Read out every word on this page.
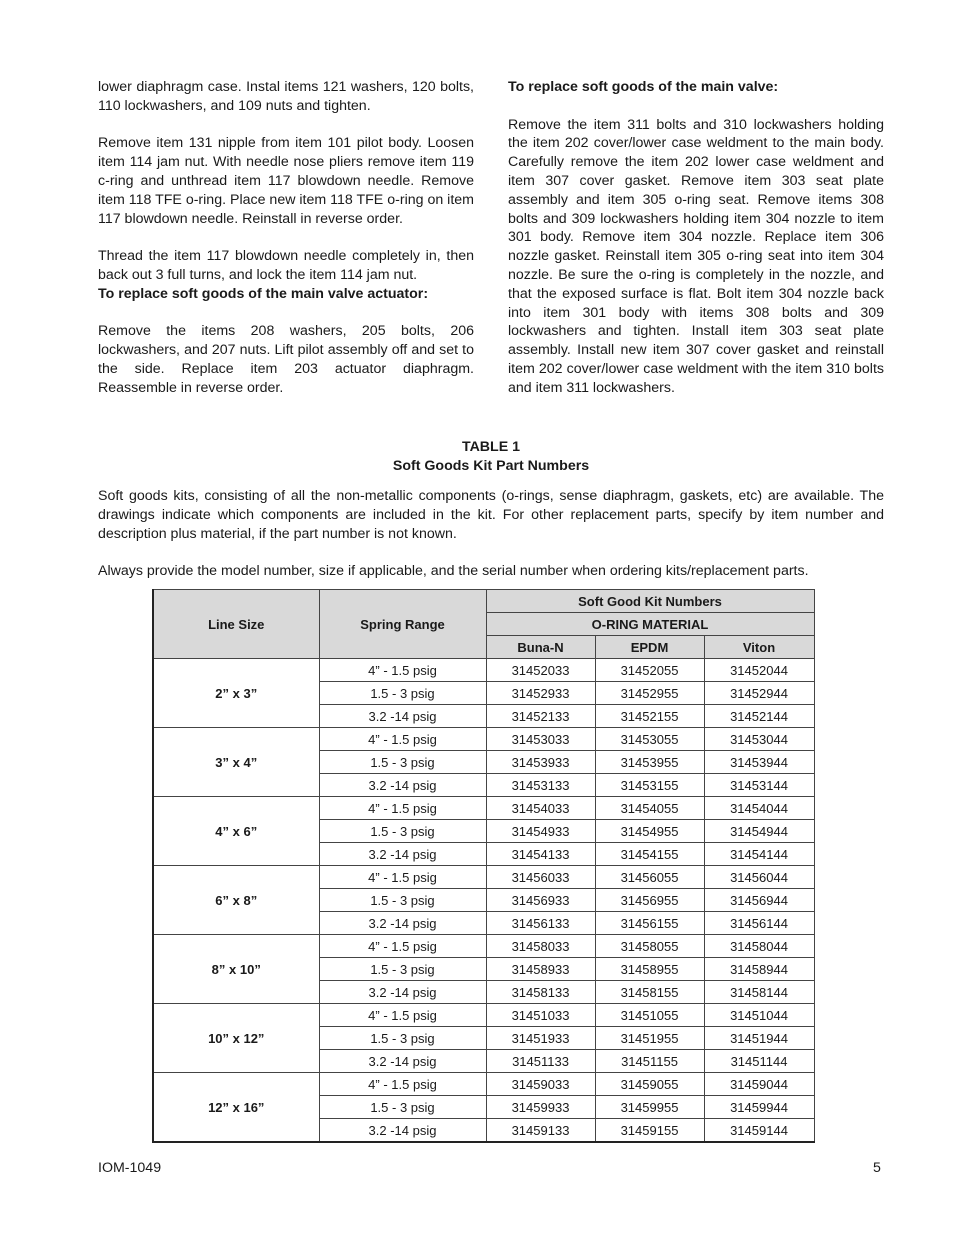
lower diaphragm case. Instal items 121 washers, 120 bolts, 110 lockwashers, and 109 nuts and tighten.

Remove item 131 nipple from item 101 pilot body. Loosen item 114 jam nut. With needle nose pliers remove item 119 c-ring and unthread item 117 blowdown needle. Remove item 118 TFE o-ring. Place new item 118 TFE o-ring on item 117 blowdown needle. Reinstall in reverse order.

Thread the item 117 blowdown needle completely in, then back out 3 full turns, and lock the item 114 jam nut.

To replace soft goods of the main valve actuator:

Remove the items 208 washers, 205 bolts, 206 lockwashers, and 207 nuts. Lift pilot assembly off and set to the side. Replace item 203 actuator diaphragm. Reassemble in reverse order.

To replace soft goods of the main valve:

Remove the item 311 bolts and 310 lockwashers holding the item 202 cover/lower case weldment to the main body. Carefully remove the item 202 lower case weldment and item 307 cover gasket. Remove item 303 seat plate assembly and item 305 o-ring seat. Remove items 308 bolts and 309 lockwashers holding item 304 nozzle to item 301 body. Remove item 304 nozzle. Replace item 306 nozzle gasket. Reinstall item 305 o-ring seat into item 304 nozzle. Be sure the o-ring is completely in the nozzle, and that the exposed surface is flat. Bolt item 304 nozzle back into item 301 body with items 308 bolts and 309 lockwashers and tighten. Install item 303 seat plate assembly. Install new item 307 cover gasket and reinstall item 202 cover/lower case weldment with the item 310 bolts and item 311 lockwashers.

TABLE 1
Soft Goods Kit Part Numbers
Soft goods kits, consisting of all the non-metallic components (o-rings, sense diaphragm, gaskets, etc) are available. The drawings indicate which components are included in the kit. For other replacement parts, specify by item number and description plus material, if the part number is not known.
Always provide the model number, size if applicable, and the serial number when ordering kits/replacement parts.
Line Size	Spring Range	Soft Good Kit Numbers		
		O-RING MATERIAL		
		Buna-N	EPDM	Viton
2” x 3”	4” - 1.5 psig	31452033	31452055	31452044
	1.5 - 3 psig	31452933	31452955	31452944
	3.2 -14 psig	31452133	31452155	31452144
3” x 4”	4” - 1.5 psig	31453033	31453055	31453044
	1.5 - 3 psig	31453933	31453955	31453944
	3.2 -14 psig	31453133	31453155	31453144
4” x 6”	4” - 1.5 psig	31454033	31454055	31454044
	1.5 - 3 psig	31454933	31454955	31454944
	3.2 -14 psig	31454133	31454155	31454144
6” x 8”	4” - 1.5 psig	31456033	31456055	31456044
	1.5 - 3 psig	31456933	31456955	31456944
	3.2 -14 psig	31456133	31456155	31456144
8” x 10”	4” - 1.5 psig	31458033	31458055	31458044
	1.5 - 3 psig	31458933	31458955	31458944
	3.2 -14 psig	31458133	31458155	31458144
10” x 12”	4” - 1.5 psig	31451033	31451055	31451044
	1.5 - 3 psig	31451933	31451955	31451944
	3.2 -14 psig	31451133	31451155	31451144
12” x 16”	4” - 1.5 psig	31459033	31459055	31459044
	1.5 - 3 psig	31459933	31459955	31459944
	3.2 -14 psig	31459133	31459155	31459144
IOM-1049	5
